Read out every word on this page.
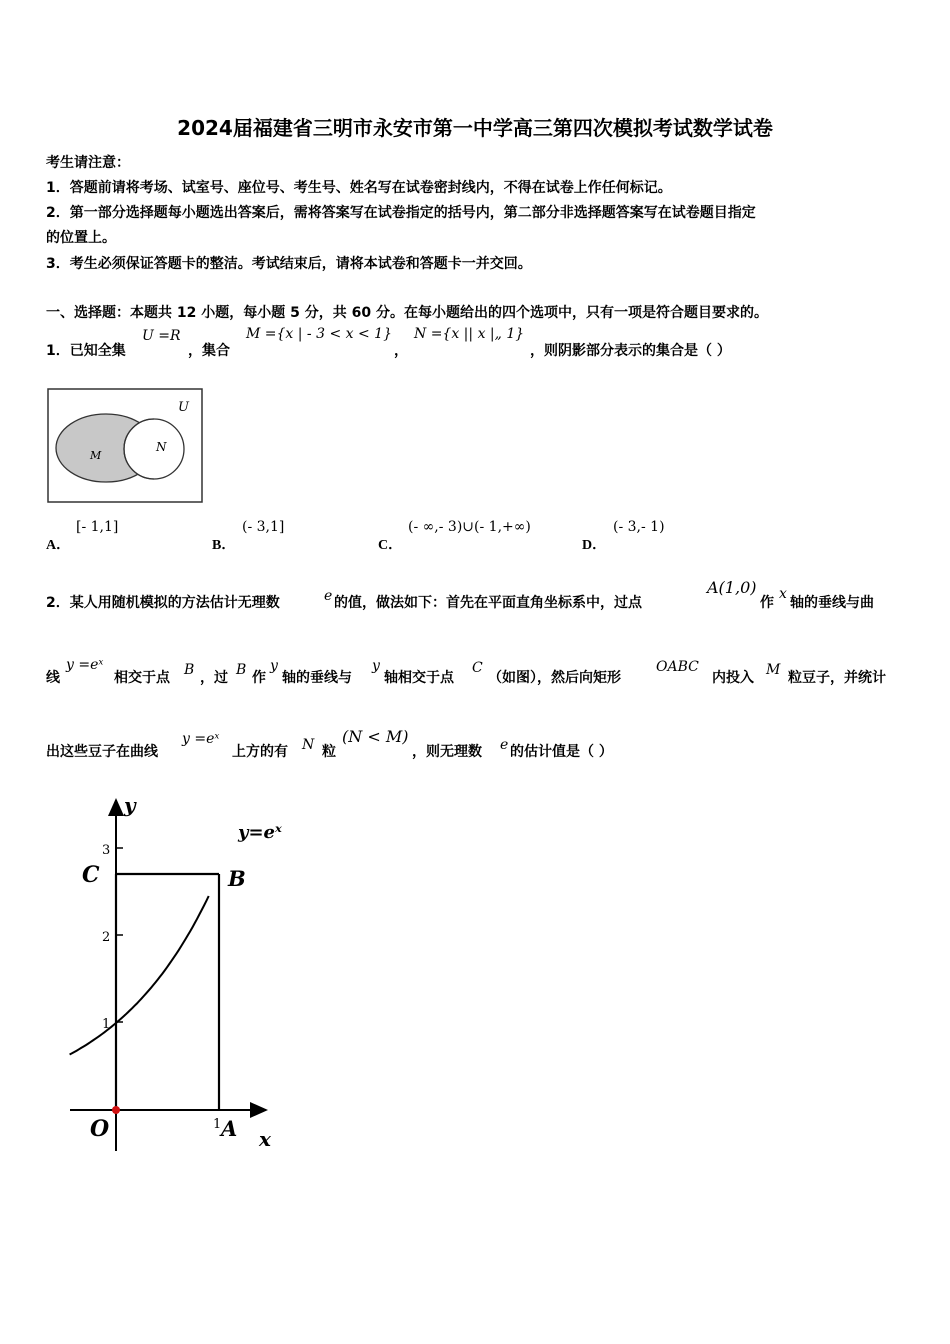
2024届福建省三明市永安市第一中学高三第四次模拟考试数学试卷
考生请注意：
1．答题前请将考场、试室号、座位号、考生号、姓名写在试卷密封线内，不得在试卷上作任何标记。
2．第一部分选择题每小题选出答案后，需将答案写在试卷指定的括号内，第二部分非选择题答案写在试卷题目指定
的位置上。
3．考生必须保证答题卡的整洁。考试结束后，请将本试卷和答题卡一并交回。
一、选择题：本题共 12 小题，每小题 5 分，共 60 分。在每小题给出的四个选项中，只有一项是符合题目要求的。
1．已知全集
U =R
，集合
M ={x | - 3 < x < 1}
，
N ={x || x |„ 1}
，则阴影部分表示的集合是（ ）
U
M
N
A．
[- 1,1]
B．
(- 3,1]
C．
(- ∞,- 3)∪(- 1,+∞)
D．
(- 3,- 1)
2．某人用随机模拟的方法估计无理数	e 的值，做法如下：首先在平面直角坐标系中，过点
A(1,0)
作
x
轴的垂线与曲
线
y =eˣ
相交于点 B ，过 B 作
y
轴的垂线与
y
轴相交于点
C
（如图），然后向矩形
OABC
内投入 M 粒豆子，并统计
出这些豆子在曲线
y =eˣ
上方的有 N 粒
(N < M)
，则无理数 e 的估计值是（ ）
y
x
O	A
B
C
y=eˣ
1
2
3
1
